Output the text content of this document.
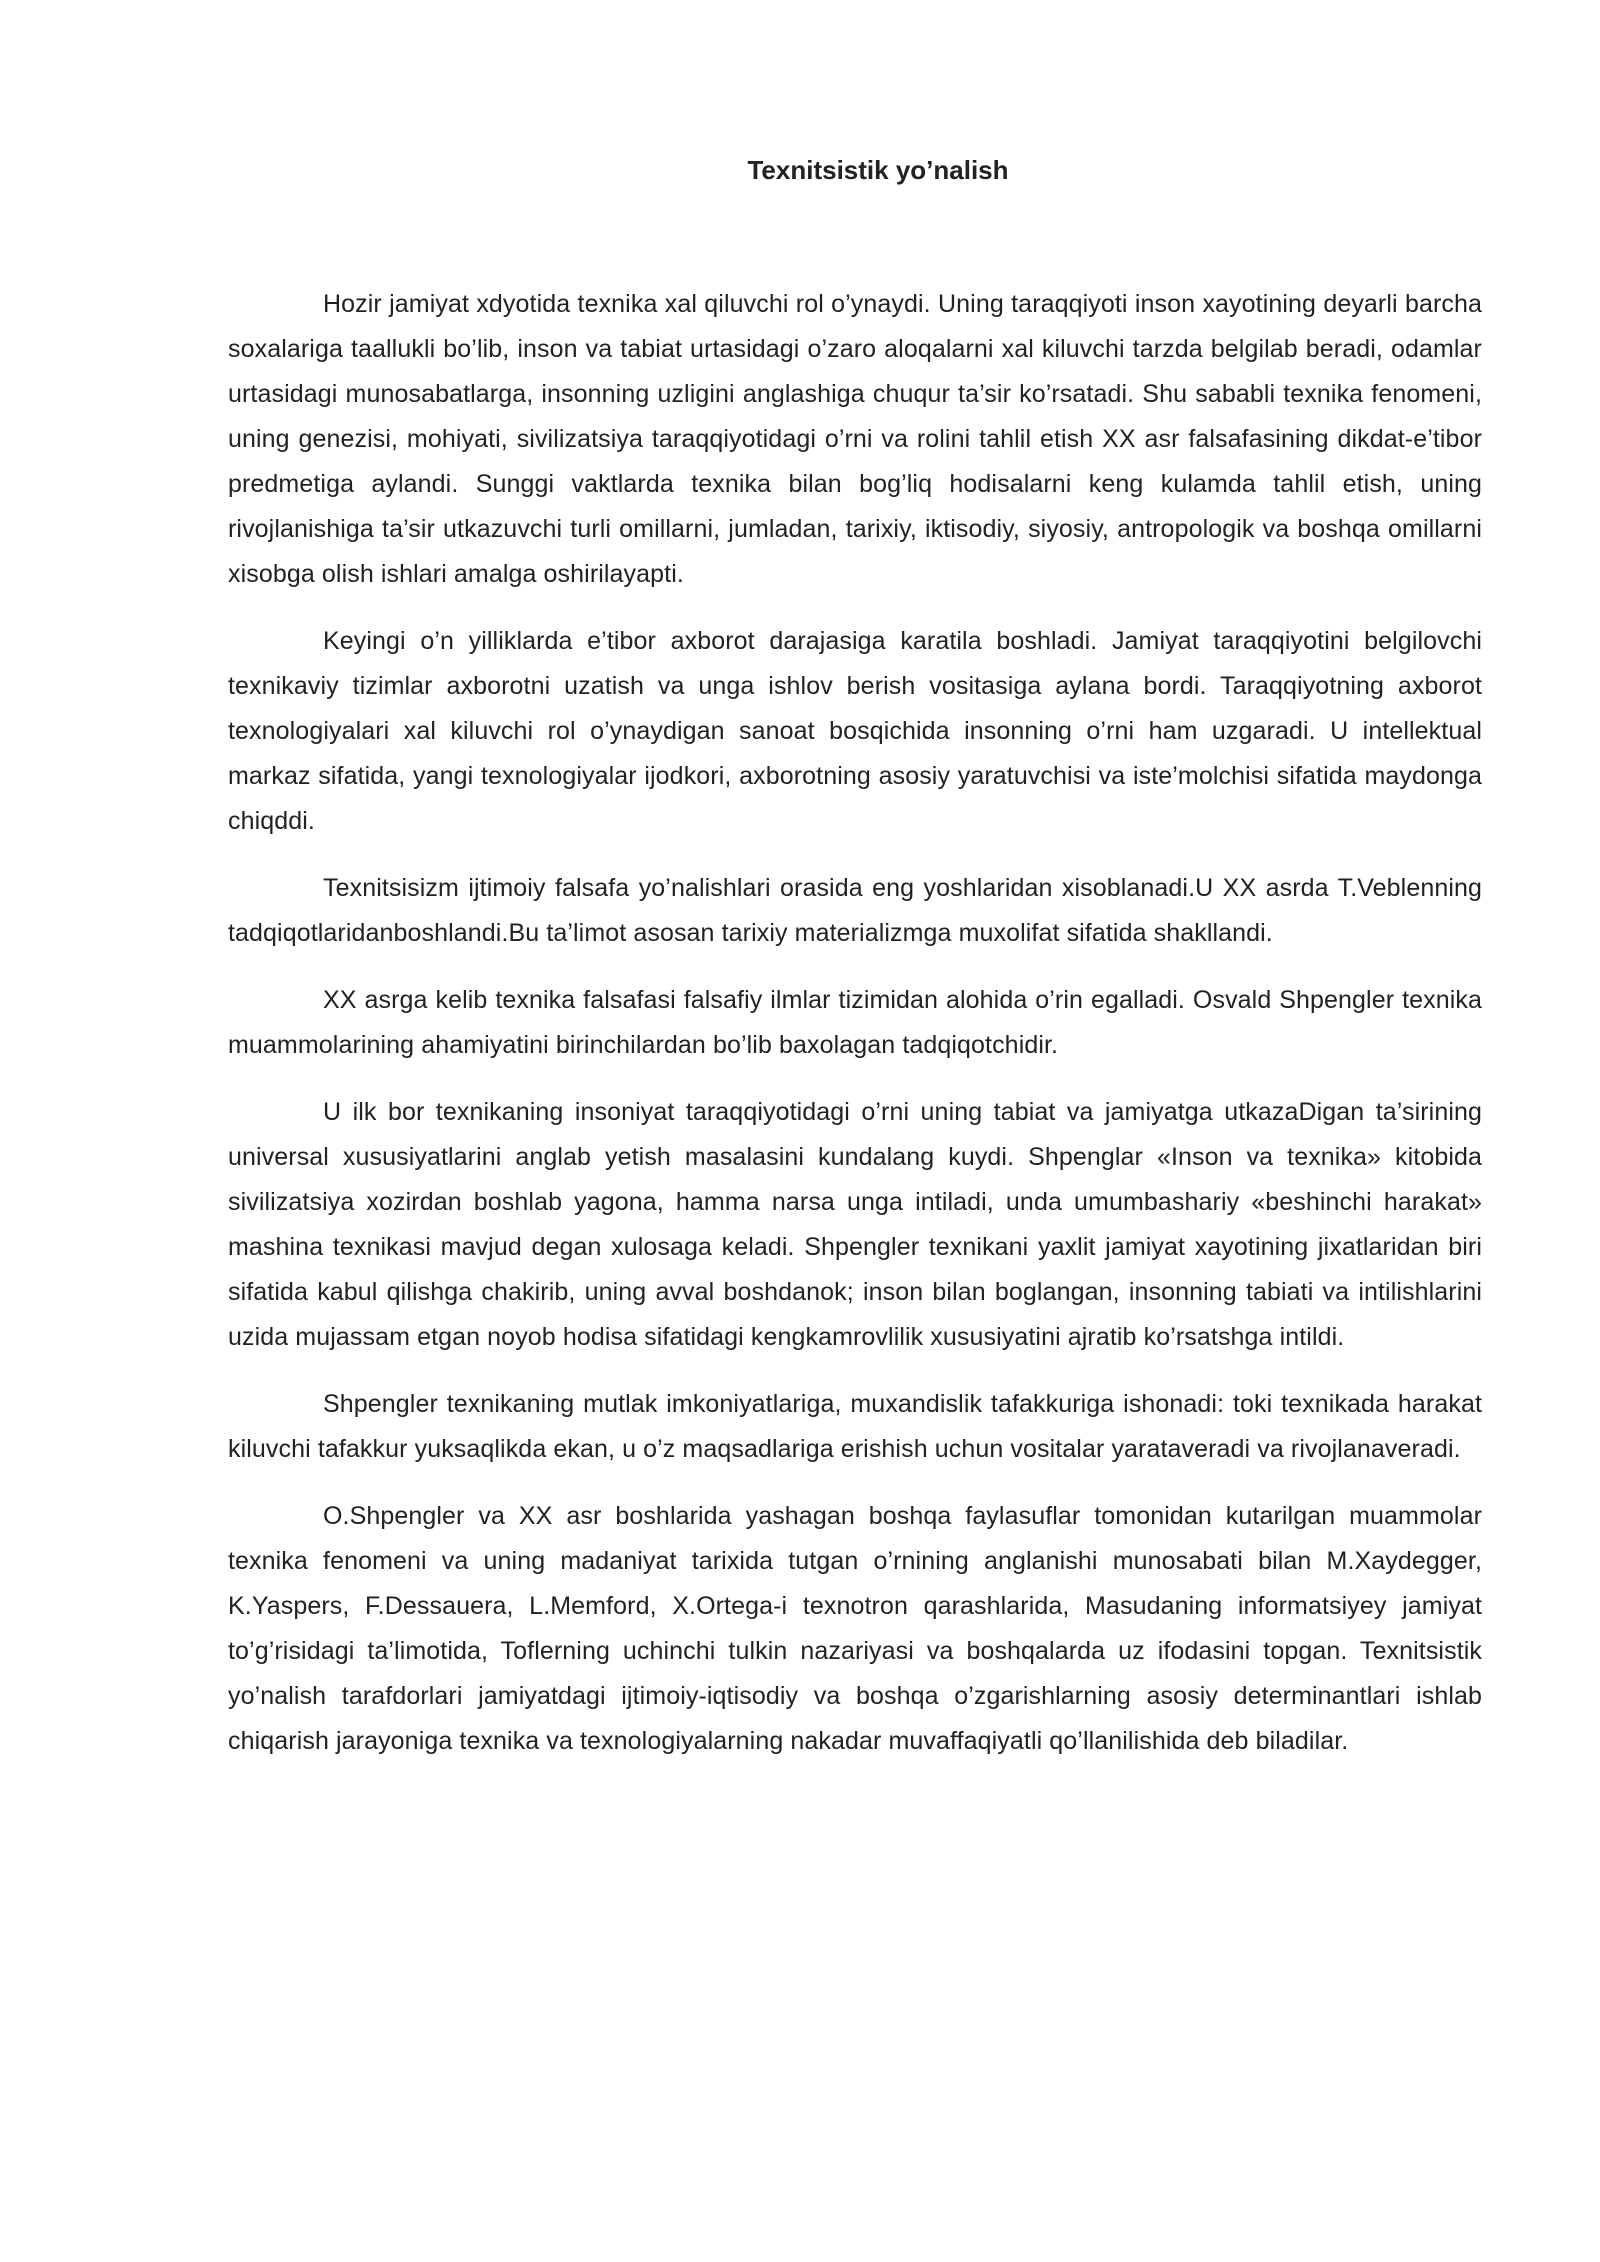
Texnitsistik yo’nalish

Hozir jamiyat xdyotida texnika xal qiluvchi rol o’ynaydi. Uning taraqqiyoti inson xayotining deyarli barcha soxalariga taallukli bo’lib, inson va tabiat urtasidagi o’zaro aloqalarni xal kiluvchi tarzda belgilab beradi, odamlar urtasidagi munosabatlarga, insonning uzligini anglashiga chuqur ta’sir ko’rsatadi. Shu sababli texnika fenomeni, uning genezisi, mohiyati, sivilizatsiya taraqqiyotidagi o’rni va rolini tahlil etish XX asr falsafasining dikdat-e’tibor predmetiga aylandi. Sunggi vaktlarda texnika bilan bog’liq hodisalarni keng kulamda tahlil etish, uning rivojlanishiga ta’sir utkazuvchi turli omillarni, jumladan, tarixiy, iktisodiy, siyosiy, antropologik va boshqa omillarni xisobga olish ishlari amalga oshirilayapti.

Keyingi o’n yilliklarda e’tibor axborot darajasiga karatila boshladi. Jamiyat taraqqiyotini belgilovchi texnikaviy tizimlar axborotni uzatish va unga ishlov berish vositasiga aylana bordi. Taraqqiyotning axborot texnologiyalari xal kiluvchi rol o’ynaydigan sanoat bosqichida insonning o’rni ham uzgaradi. U intellektual markaz sifatida, yangi texnologiyalar ijodkori, axborotning asosiy yaratuvchisi va iste’molchisi sifatida maydonga chiqddi.

Texnitsisizm ijtimoiy falsafa yo’nalishlari orasida eng yoshlaridan xisoblanadi.U XX asrda T.Veblenning tadqiqotlaridanboshlandi.Bu ta’limot asosan tarixiy materializmga muxolifat sifatida shakllandi.

XX asrga kelib texnika falsafasi falsafiy ilmlar tizimidan alohida o’rin egalladi. Osvald Shpengler texnika muammolarining ahamiyatini birinchilardan bo’lib baxolagan tadqiqotchidir.

U ilk bor texnikaning insoniyat taraqqiyotidagi o’rni uning tabiat va jamiyatga utkazaDigan ta’sirining universal xususiyatlarini anglab yetish masalasini kundalang kuydi. Shpenglar «Inson va texnika» kitobida sivilizatsiya xozirdan boshlab yagona, hamma narsa unga intiladi, unda umumbashariy «beshinchi harakat» mashina texnikasi mavjud degan xulosaga keladi. Shpengler texnikani yaxlit jamiyat xayotining jixatlaridan biri sifatida kabul qilishga chakirib, uning avval boshdanok; inson bilan boglangan, insonning tabiati va intilishlarini uzida mujassam etgan noyob hodisa sifatidagi kengkamrovlilik xususiyatini ajratib ko’rsatshga intildi.

Shpengler texnikaning mutlak imkoniyatlariga, muxandislik tafakkuriga ishonadi: toki texnikada harakat kiluvchi tafakkur yuksaqlikda ekan, u o’z maqsadlariga erishish uchun vositalar yarataveradi va rivojlanaveradi.

O.Shpengler va XX asr boshlarida yashagan boshqa faylasuflar tomonidan kutarilgan muammolar texnika fenomeni va uning madaniyat tarixida tutgan o’rnining anglanishi munosabati bilan M.Xaydegger, K.Yaspers, F.Dessauera, L.Memford, X.Ortega-i texnotron qarashlarida, Masudaning informatsiyey jamiyat to’g’risidagi ta’limotida, Toflerning uchinchi tulkin nazariyasi va boshqalarda uz ifodasini topgan. Texnitsistik yo’nalish tarafdorlari jamiyatdagi ijtimoiy-iqtisodiy va boshqa o’zgarishlarning asosiy determinantlari ishlab chiqarish jarayoniga texnika va texnologiyalarning nakadar muvaffaqiyatli qo’llanilishida deb biladilar.
